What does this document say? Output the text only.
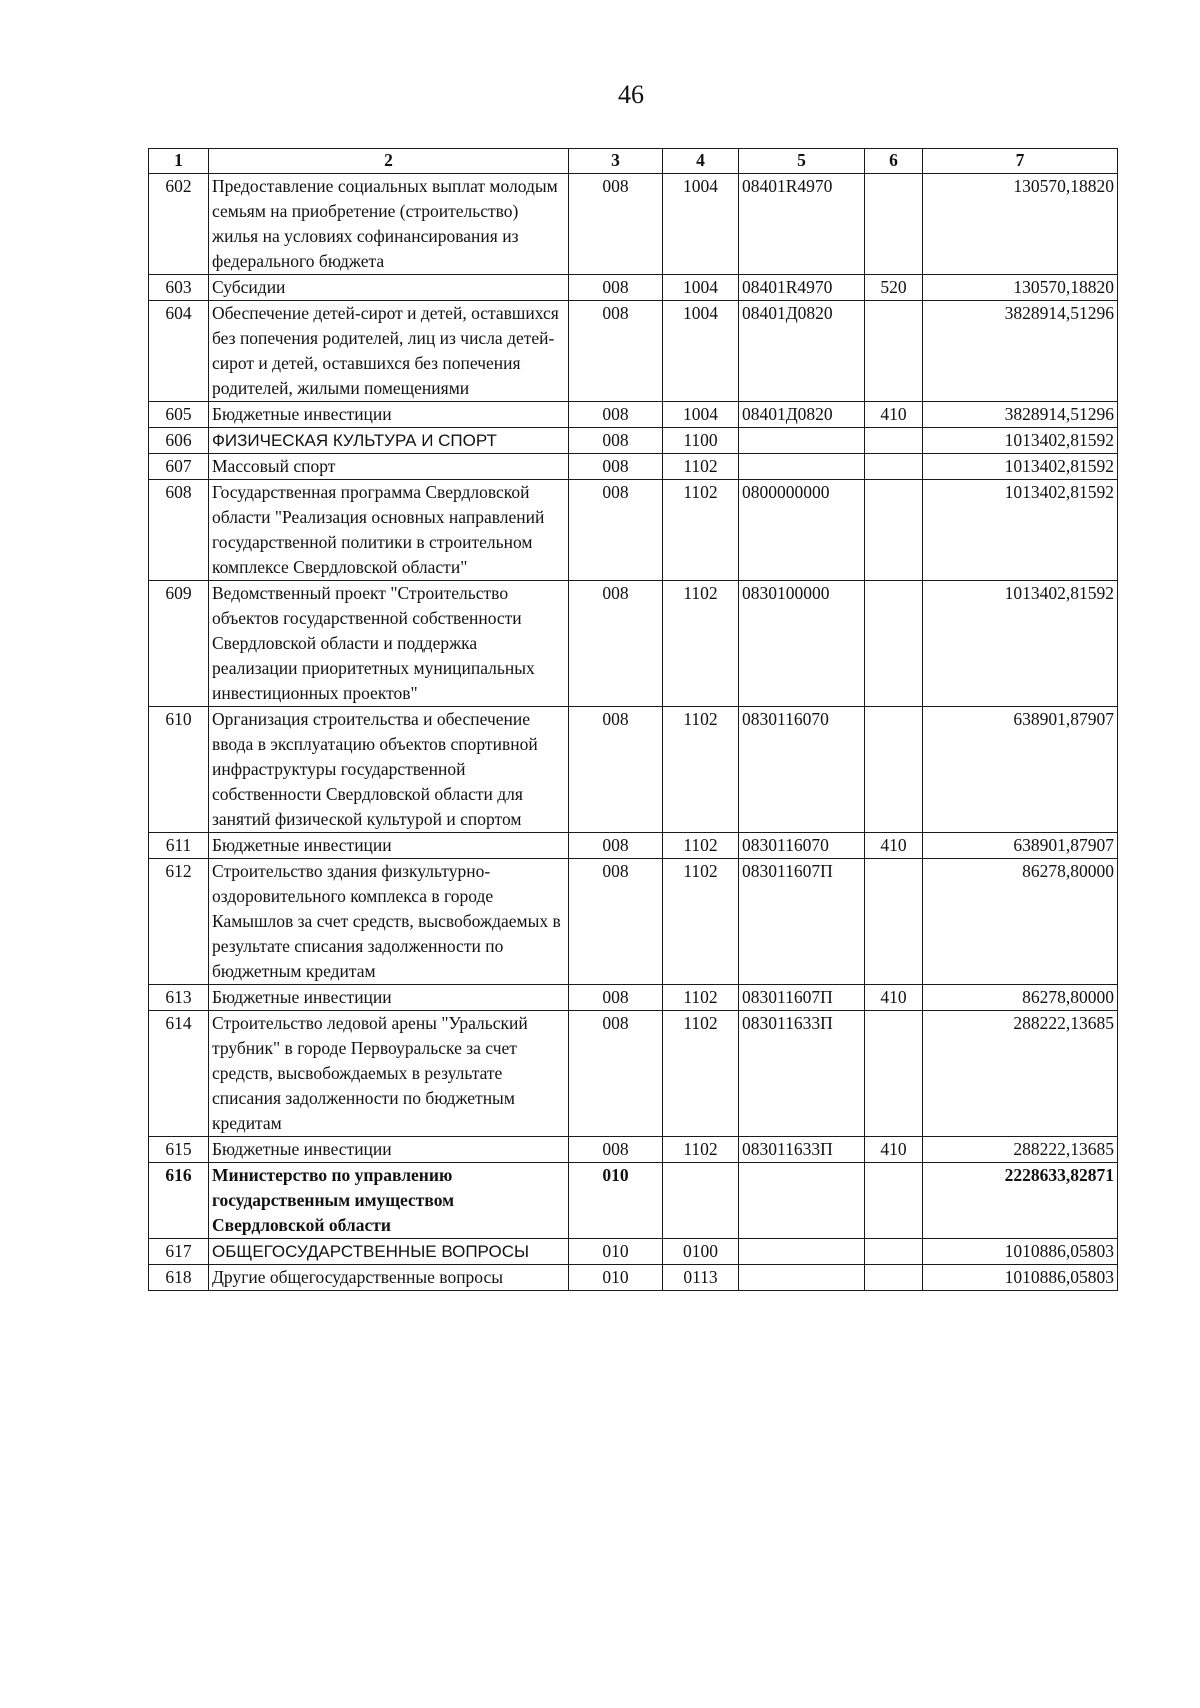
46
1	2	3	4	5	6	7
602	Предоставление социальных выплат молодым семьям на приобретение (строительство) жилья на условиях софинансирования из федерального бюджета	008	1004	08401R4970		130570,18820
603	Субсидии	008	1004	08401R4970	520	130570,18820
604	Обеспечение детей-сирот и детей, оставшихся без попечения родителей, лиц из числа детей-сирот и детей, оставшихся без попечения родителей, жилыми помещениями	008	1004	08401Д0820		3828914,51296
605	Бюджетные инвестиции	008	1004	08401Д0820	410	3828914,51296
606	ФИЗИЧЕСКАЯ КУЛЬТУРА И СПОРТ	008	1100			1013402,81592
607	Массовый спорт	008	1102			1013402,81592
608	Государственная программа Свердловской области "Реализация основных направлений государственной политики в строительном комплексе Свердловской области"	008	1102	0800000000		1013402,81592
609	Ведомственный проект "Строительство объектов государственной собственности Свердловской области и поддержка реализации приоритетных муниципальных инвестиционных проектов"	008	1102	0830100000		1013402,81592
610	Организация строительства и обеспечение ввода в эксплуатацию объектов спортивной инфраструктуры государственной собственности Свердловской области для занятий физической культурой и спортом	008	1102	0830116070		638901,87907
611	Бюджетные инвестиции	008	1102	0830116070	410	638901,87907
612	Строительство здания физкультурно-оздоровительного комплекса в городе Камышлов за счет средств, высвобождаемых в результате списания задолженности по бюджетным кредитам	008	1102	083011607П		86278,80000
613	Бюджетные инвестиции	008	1102	083011607П	410	86278,80000
614	Строительство ледовой арены "Уральский трубник" в городе Первоуральске за счет средств, высвобождаемых в результате списания задолженности по бюджетным кредитам	008	1102	083011633П		288222,13685
615	Бюджетные инвестиции	008	1102	083011633П	410	288222,13685
616	Министерство по управлению государственным имуществом Свердловской области	010				2228633,82871
617	ОБЩЕГОСУДАРСТВЕННЫЕ ВОПРОСЫ	010	0100			1010886,05803
618	Другие общегосударственные вопросы	010	0113			1010886,05803
